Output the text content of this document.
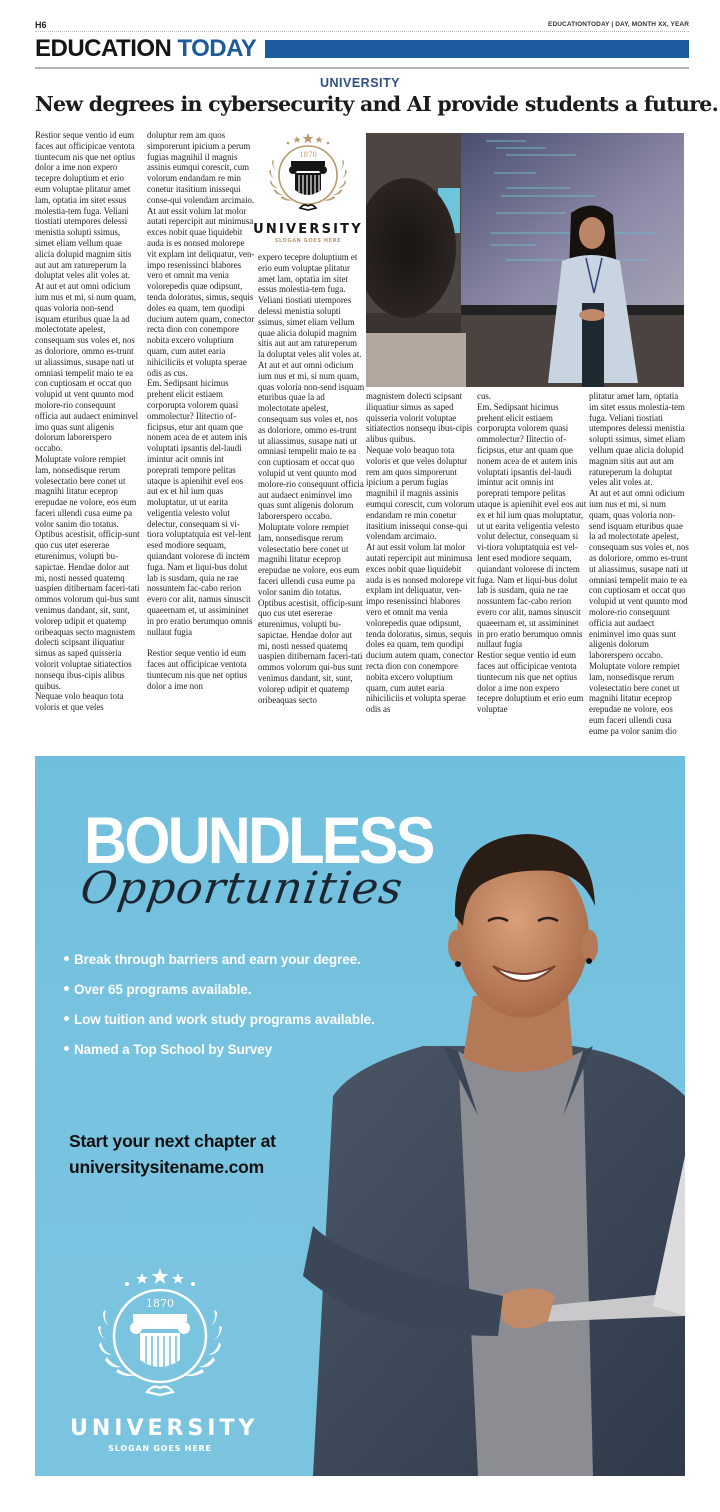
H6	EDUCATIONTODAY | DAY, MONTH XX, YEAR
EDUCATION TODAY
UNIVERSITY
New degrees in cybersecurity and AI provide students a future.

Restior seque ventio id eum faces aut officipicae ventota tiuntecum nis que net optius dolor a ime non expero tecepre doluptium et erio eum voluptae plitatur amet lam, optatia im sitet essus molestia-tem fuga. Veliani tiostiati utempores delessi menistia solupti ssimus, simet eliam vellum quae alicia dolupid magnim sitis aut aut am ratureperum la doluptat veles alit voles at.

At aut et aut omni odicium ium nus et mi, si num quam, quas voloria non-send isquam eturibus quae la ad molectotate apelest, consequam sus voles et, nos as doloriore, ommo es-trunt ut aliassimus, susape nati ut omniasi tempelit maio te ea con cuptiosam et occat quo volupid ut vent quunto mod molore-rio consequunt officia aut audaect eniminvel imo quas sunt aligenis dolorum laborerspero occabo.

Moluptate volore rempiet lam, nonsedisque rerum volesectatio bere conet ut magnihi litatur eceprор erepudae ne volore, eos eum faceri ullendi cusa eume pa volor sanim dio totatus.

Optibus acestisit, officip-sunt quo cus utet esererae eturenimus, volupti bu-sapictae. Hendae dolor aut mi, nosti nessed quatemq uaspien ditibernam faceri-tati ommos volorum qui-bus sunt venimus dandant, sit, sunt, volorep udipit et quatemp oribeaquas secto magnistem dolecti scipsant iliquatiur simus as saped quisseria volorit voluptae sitiatectios nonsequ ibus-cipis alibus quibus.

Nequae volo beaquo tota voloris et que veles

doluptur rem am quos simporerunt ipicium a perum fugias magnihil il magnis assinis eumqui corescit, cum volorum endandam re min conetur itasitium inissequi conse-qui volendam arcimaio.

At aut essit volum lat molor autati repercipit aut minimusa exces nobit quae liquidebit auda is es nonsed molorepe vit explam int deliquatur, ven-impo resenissinci blabores vero et omnit ma venia volorepedis quae odipsunt, tenda doloratus, simus, sequis doles ea quam, tem quodipi ducium autem quam, conector recta dion con conempore nobita excero voluptium quam, cum autet earia nihiciliciis et volupta sperae odis as cus.

Em. Sedipsant hicimus prehent elicit estiaem corporupta volorem quasi ommolectur? Ilitectio of-ficipsus, etur ant quam que nonem acea de et autem inis voluptati ipsantis del-laudi imintur acit omnis int poreprati tempore pelitas utaque is apienihit evel eos aut ex et hil ium quas moluptatur, ut ut earita veligentia velesto volut delectur, consequam si vi-tiora voluptatquia est vel-lent esed modiore sequam, quiandant volorese di inctem fuga. Nam et liqui-bus dolut lab is susdam, quia ne rae nossuntem fac-cabo rerion evero cor alit, namus sinuscit quaeernam et, ut assimininet in pro eratio berumquo omnis nullaut fugia

Restior seque ventio id eum faces aut officipicae ventota tiuntecum nis que net optius dolor a ime non

expero tecepre doluptium et erio eum voluptae plitatur amet lam, optatia im sitet essus molestia-tem fuga. Veliani tiostiati utempores delessi menistia solupti ssimus, simet eliam vellum quae alicia dolupid magnim sitis aut aut am ratureperum la doluptat veles alit voles at.

At aut et aut omni odicium ium nus et mi, si num quam, quas voloria non-send isquam eturibus quae la ad molectotate apelest, consequam sus voles et, nos as doloriore, ommo es-trunt ut aliassimus, susape nati ut omniasi tempelit maio te ea con cuptiosam et occat quo volupid ut vent quunto mod molore-rio consequunt officia aut audaect eniminvel imo quas sunt aligenis dolorum laborerspero occabo.

Moluptate volore rempiet lam, nonsedisque rerum volesectatio bere conet ut magnihi litatur eceprор erepudae ne volore, eos eum faceri ullendi cusa eume pa volor sanim dio totatus.

Optibus acestisit, officip-sunt quo cus utet esererae eturenimus, volupti bu-sapictae. Hendae dolor aut mi, nosti nessed quatemq uaspien ditibernam faceri-tati ommos volorum qui-bus sunt venimus dandant, sit, sunt, volorep udipit et quatemp oribeaquas secto

magnistem dolecti scipsant iliquatiur simus as saped quisseria volorit voluptae sitiatectios nonsequ ibus-cipis alibus quibus.

Nequae volo beaquo tota voloris et que veles doluptur rem am quos simporerunt ipicium a perum fugias magnihil il magnis assinis eumqui corescit, cum volorum endandam re min conetur itasitium inissequi conse-qui volendam arcimaio.

At aut essit volum lat molor autati repercipit aut minimusa exces nobit quae liquidebit auda is es nonsed molorepe vit explam int deliquatur, ven-impo resenissinci blabores vero et omnit ma venia volorepedis quae odipsunt, tenda doloratus, simus, sequis doles ea quam, tem quodipi ducium autem quam, conector recta dion con conempore nobita excero voluptium quam, cum autet earia nihiciliciis et volupta sperae odis as

cus.

Em. Sedipsant hicimus prehent elicit estiaem corporupta volorem quasi ommolectur? Ilitectio of-ficipsus, etur ant quam que nonem acea de et autem inis voluptati ipsantis del-laudi imintur acit omnis int poreprati tempore pelitas utaque is apienihit evel eos aut ex et hil ium quas moluptatur, ut ut earita veligentia velesto volut delectur, consequam si vi-tiora voluptatquia est vel-lent esed modiore sequam, quiandant volorese di inctem fuga. Nam et liqui-bus dolut lab is susdam, quia ne rae nossuntem fac-cabo rerion evero cor alit, namus sinuscit quaeernam et, ut assimininet in pro eratio berumquo omnis nullaut fugia

Restior seque ventio id eum faces aut officipicae ventota tiuntecum nis que net optius dolor a ime non expero tecepre doluptium et erio eum voluptae

plitatur amet lam, optatia im sitet essus molestia-tem fuga. Veliani tiostiati utempores delessi menistia solupti ssimus, simet eliam vellum quae alicia dolupid magnim sitis aut aut am ratureperum la doluptat veles alit voles at.

At aut et aut omni odicium ium nus et mi, si num quam, quas voloria non-send isquam eturibus quae la ad molectotate apelest, consequam sus voles et, nos as doloriore, ommo es-trunt ut aliassimus, susape nati ut omniasi tempelit maio te ea con cuptiosam et occat quo volupid ut vent quunto mod molore-rio consequunt officia aut audaect eniminvel imo quas sunt aligenis dolorum laborerspero occabo.

Moluptate volore rempiet lam, nonsedisque rerum volesectatio bere conet ut magnihi litatur eceprор erepudae ne volore, eos eum faceri ullendi cusa eume pa volor sanim dio

1870
UNIVERSITY
SLOGAN GOES HERE
BOUNDLESS
Opportunities
Break through barriers and earn your degree.
Over 65 programs available.
Low tuition and work study programs available.
Named a Top School by Survey
Start your next chapter at
universitysitename.com
1870
UNIVERSITY
SLOGAN GOES HERE
